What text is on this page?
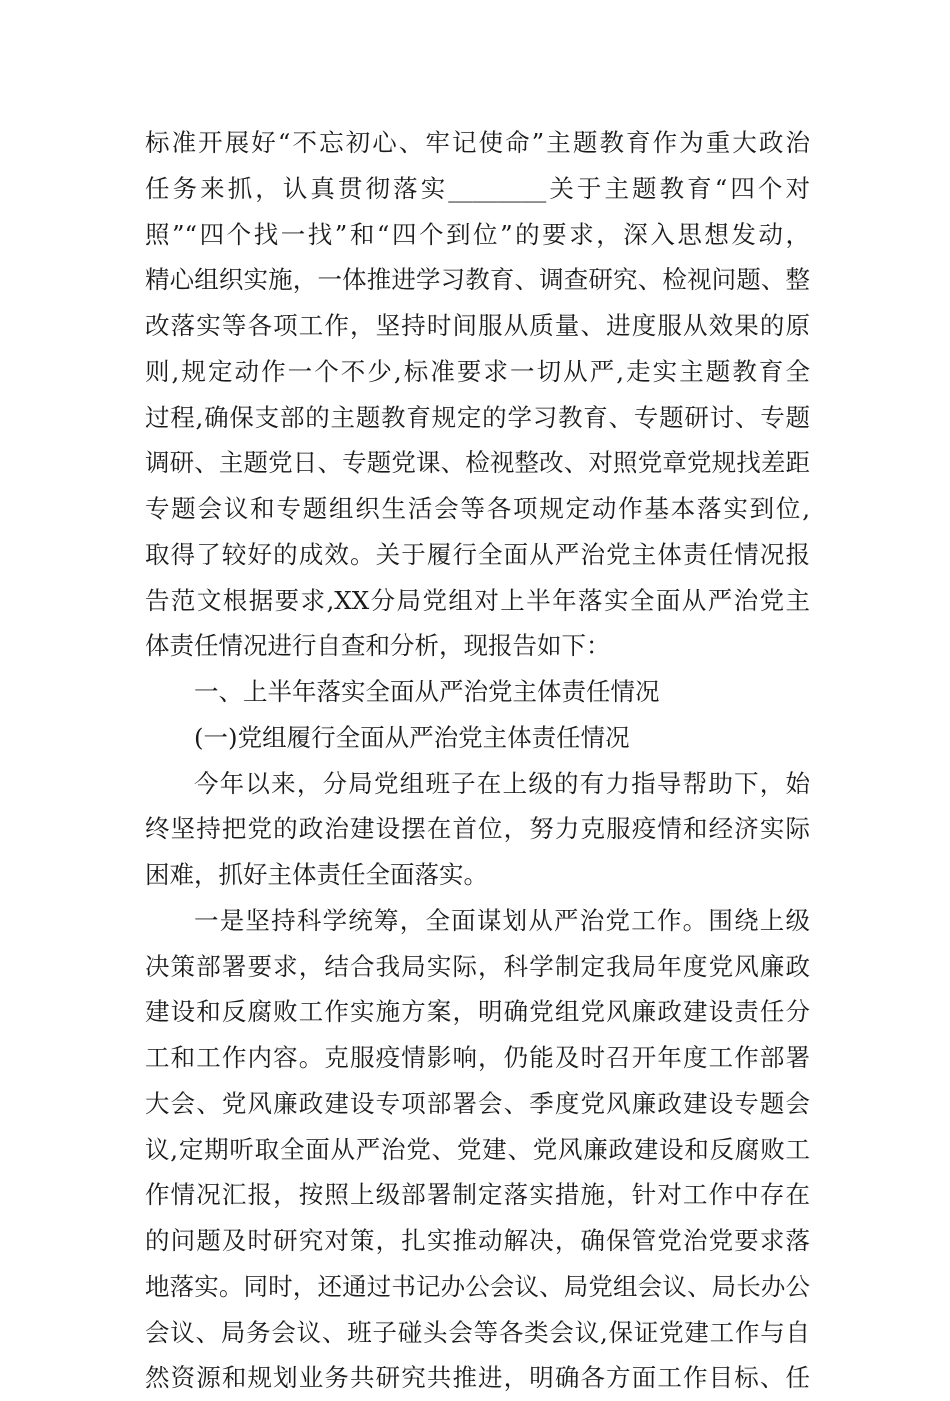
标准开展好“不忘初心、牢记使命”主题教育作为重大政治
任务来抓，认真贯彻落实________关于主题教育“四个对
照”“四个找一找”和“四个到位”的要求，深入思想发动，
精心组织实施，一体推进学习教育、调查研究、检视问题、整
改落实等各项工作，坚持时间服从质量、进度服从效果的原
则,规定动作一个不少,标准要求一切从严,走实主题教育全
过程,确保支部的主题教育规定的学习教育、专题研讨、专题
调研、主题党日、专题党课、检视整改、对照党章党规找差距
专题会议和专题组织生活会等各项规定动作基本落实到位,
取得了较好的成效。关于履行全面从严治党主体责任情况报
告范文根据要求,XX分局党组对上半年落实全面从严治党主
体责任情况进行自查和分析，现报告如下：
一、上半年落实全面从严治党主体责任情况
(一)党组履行全面从严治党主体责任情况
今年以来，分局党组班子在上级的有力指导帮助下，始
终坚持把党的政治建设摆在首位，努力克服疫情和经济实际
困难，抓好主体责任全面落实。
一是坚持科学统筹，全面谋划从严治党工作。围绕上级
决策部署要求，结合我局实际，科学制定我局年度党风廉政
建设和反腐败工作实施方案，明确党组党风廉政建设责任分
工和工作内容。克服疫情影响，仍能及时召开年度工作部署
大会、党风廉政建设专项部署会、季度党风廉政建设专题会
议,定期听取全面从严治党、党建、党风廉政建设和反腐败工
作情况汇报，按照上级部署制定落实措施，针对工作中存在
的问题及时研究对策，扎实推动解决，确保管党治党要求落
地落实。同时，还通过书记办公会议、局党组会议、局长办公
会议、局务会议、班子碰头会等各类会议,保证党建工作与自
然资源和规划业务共研究共推进，明确各方面工作目标、任
